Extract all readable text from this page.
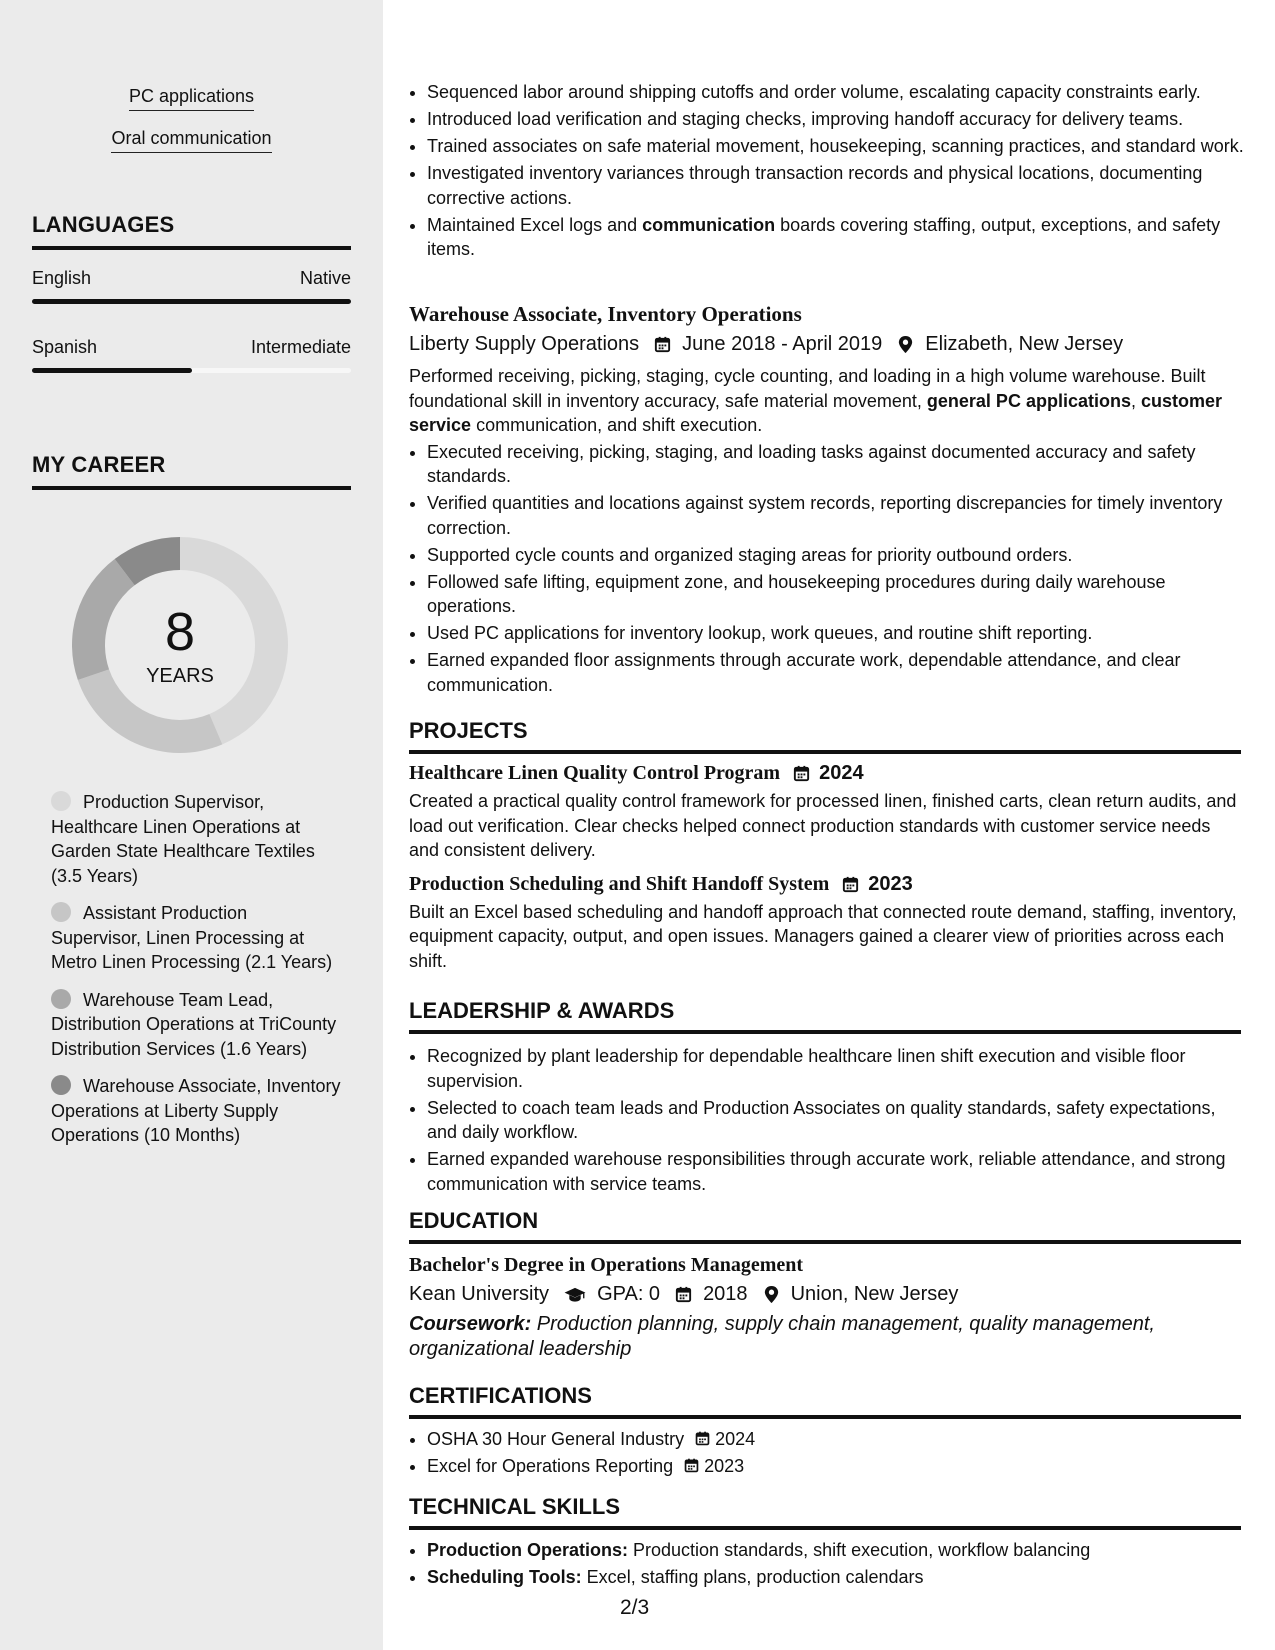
PC applications
Oral communication
LANGUAGES
English	Native
Spanish	Intermediate
MY CAREER
8
YEARS
Production Supervisor, Healthcare Linen Operations at Garden State Healthcare Textiles (3.5 Years)
Assistant Production Supervisor, Linen Processing at Metro Linen Processing (2.1 Years)
Warehouse Team Lead, Distribution Operations at TriCounty Distribution Services (1.6 Years)
Warehouse Associate, Inventory Operations at Liberty Supply Operations (10 Months)
• Sequenced labor around shipping cutoffs and order volume, escalating capacity constraints early.
• Introduced load verification and staging checks, improving handoff accuracy for delivery teams.
• Trained associates on safe material movement, housekeeping, scanning practices, and standard work.
• Investigated inventory variances through transaction records and physical locations, documenting corrective actions.
• Maintained Excel logs and communication boards covering staffing, output, exceptions, and safety items.
Warehouse Associate, Inventory Operations
Liberty Supply Operations June 2018 - April 2019 Elizabeth, New Jersey
Performed receiving, picking, staging, cycle counting, and loading in a high volume warehouse. Built foundational skill in inventory accuracy, safe material movement, general PC applications, customer service communication, and shift execution.
• Executed receiving, picking, staging, and loading tasks against documented accuracy and safety standards.
• Verified quantities and locations against system records, reporting discrepancies for timely inventory correction.
• Supported cycle counts and organized staging areas for priority outbound orders.
• Followed safe lifting, equipment zone, and housekeeping procedures during daily warehouse operations.
• Used PC applications for inventory lookup, work queues, and routine shift reporting.
• Earned expanded floor assignments through accurate work, dependable attendance, and clear communication.
PROJECTS
Healthcare Linen Quality Control Program 2024
Created a practical quality control framework for processed linen, finished carts, clean return audits, and load out verification. Clear checks helped connect production standards with customer service needs and consistent delivery.
Production Scheduling and Shift Handoff System 2023
Built an Excel based scheduling and handoff approach that connected route demand, staffing, inventory, equipment capacity, output, and open issues. Managers gained a clearer view of priorities across each shift.
LEADERSHIP & AWARDS
• Recognized by plant leadership for dependable healthcare linen shift execution and visible floor supervision.
• Selected to coach team leads and Production Associates on quality standards, safety expectations, and daily workflow.
• Earned expanded warehouse responsibilities through accurate work, reliable attendance, and strong communication with service teams.
EDUCATION
Bachelor's Degree in Operations Management
Kean University GPA: 0 2018 Union, New Jersey
Coursework: Production planning, supply chain management, quality management, organizational leadership
CERTIFICATIONS
• OSHA 30 Hour General Industry 2024
• Excel for Operations Reporting 2023
TECHNICAL SKILLS
• Production Operations: Production standards, shift execution, workflow balancing
• Scheduling Tools: Excel, staffing plans, production calendars
2/3
